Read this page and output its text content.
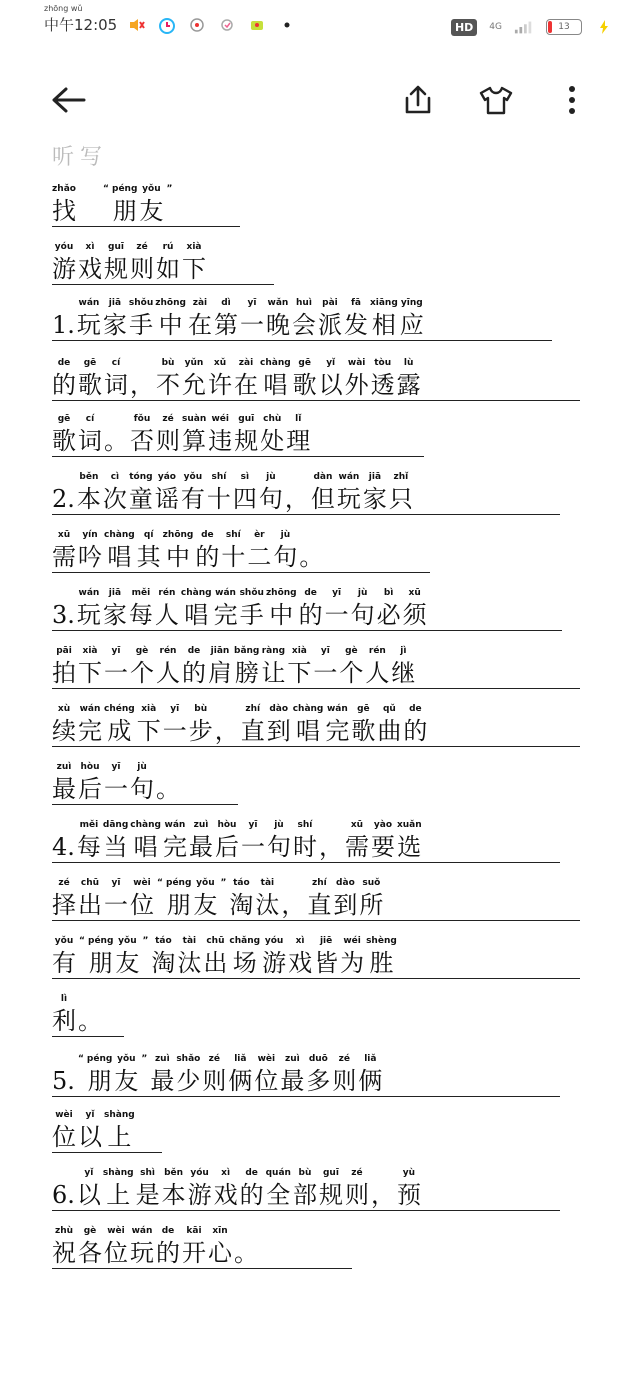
zhōng wǔ
中午12:05	HD	4G	13
听写
zhǎo
找
“ péng
朋
yǒu
友
”
yóu
游
xì
戏
guī
规
zé
则
rú
如
xià
下
1.
wán
玩
jiā
家
shǒu
手
zhōng
中
zài
在
dì
第
yī
一
wǎn
晚
huì
会
pài
派
fā
发
xiāng
相
yīng
应
de
的
gē
歌
cí
词 ，
bù
不
yǔn
允
xǔ
许
zài
在
chàng
唱
gē
歌
yǐ
以
wài
外
tòu
透
lù
露
gē
歌
cí
词 。
fǒu
否
zé
则
suàn
算
wéi
违
guī
规
chù
处
lǐ
理
2.
běn
本
cì
次
tóng
童
yáo
谣
yǒu
有
shí
十
sì
四
jù
句 ，
dàn
但
wán
玩
jiā
家
zhǐ
只
xū
需
yín
吟
chàng
唱
qí
其
zhōng
中
de
的
shí
十
èr
二
jù
句 。
3.
wán
玩
jiā
家
měi
每
rén
人
chàng
唱
wán
完
shǒu
手
zhōng
中
de
的
yī
一
jù
句
bì
必
xū
须
pāi
拍
xià
下
yī
一
gè
个
rén
人
de
的
jiān
肩
bǎng
膀
ràng
让
xià
下
yī
一
gè
个
rén
人
jì
继
xù
续
wán
完
chéng
成
xià
下
yī
一
bù
步 ，
zhí
直
dào
到
chàng
唱
wán
完
gē
歌
qǔ
曲
de
的
zuì
最
hòu
后
yī
一
jù
句 。
4.
měi
每
dāng
当
chàng
唱
wán
完
zuì
最
hòu
后
yī
一
jù
句
shí
时 ，
xū
需
yào
要
xuǎn
选
zé
择
chū
出
yī
一
wèi
位
“ péng
朋
yǒu
友
” táo
淘
tài
汰 ，
zhí
直
dào
到
suǒ
所
yǒu
有
“ péng
朋
yǒu
友
” táo
淘
tài
汰
chū
出
chǎng
场
yóu
游
xì
戏
jiē
皆
wéi
为
shèng
胜
lì
利 。
5.
“ péng
朋
yǒu
友
” zuì
最
shǎo
少
zé
则
liǎ
俩
wèi
位
zuì
最
duō
多
zé
则
liǎ
俩
wèi
位
yǐ
以
shàng
上
6.
yǐ
以
shàng
上
shì
是
běn
本
yóu
游
xì
戏
de
的
quán
全
bù
部
guī
规
zé
则 ，
yù
预
zhù
祝
gè
各
wèi
位
wán
玩
de
的
kāi
开
xīn
心 。
